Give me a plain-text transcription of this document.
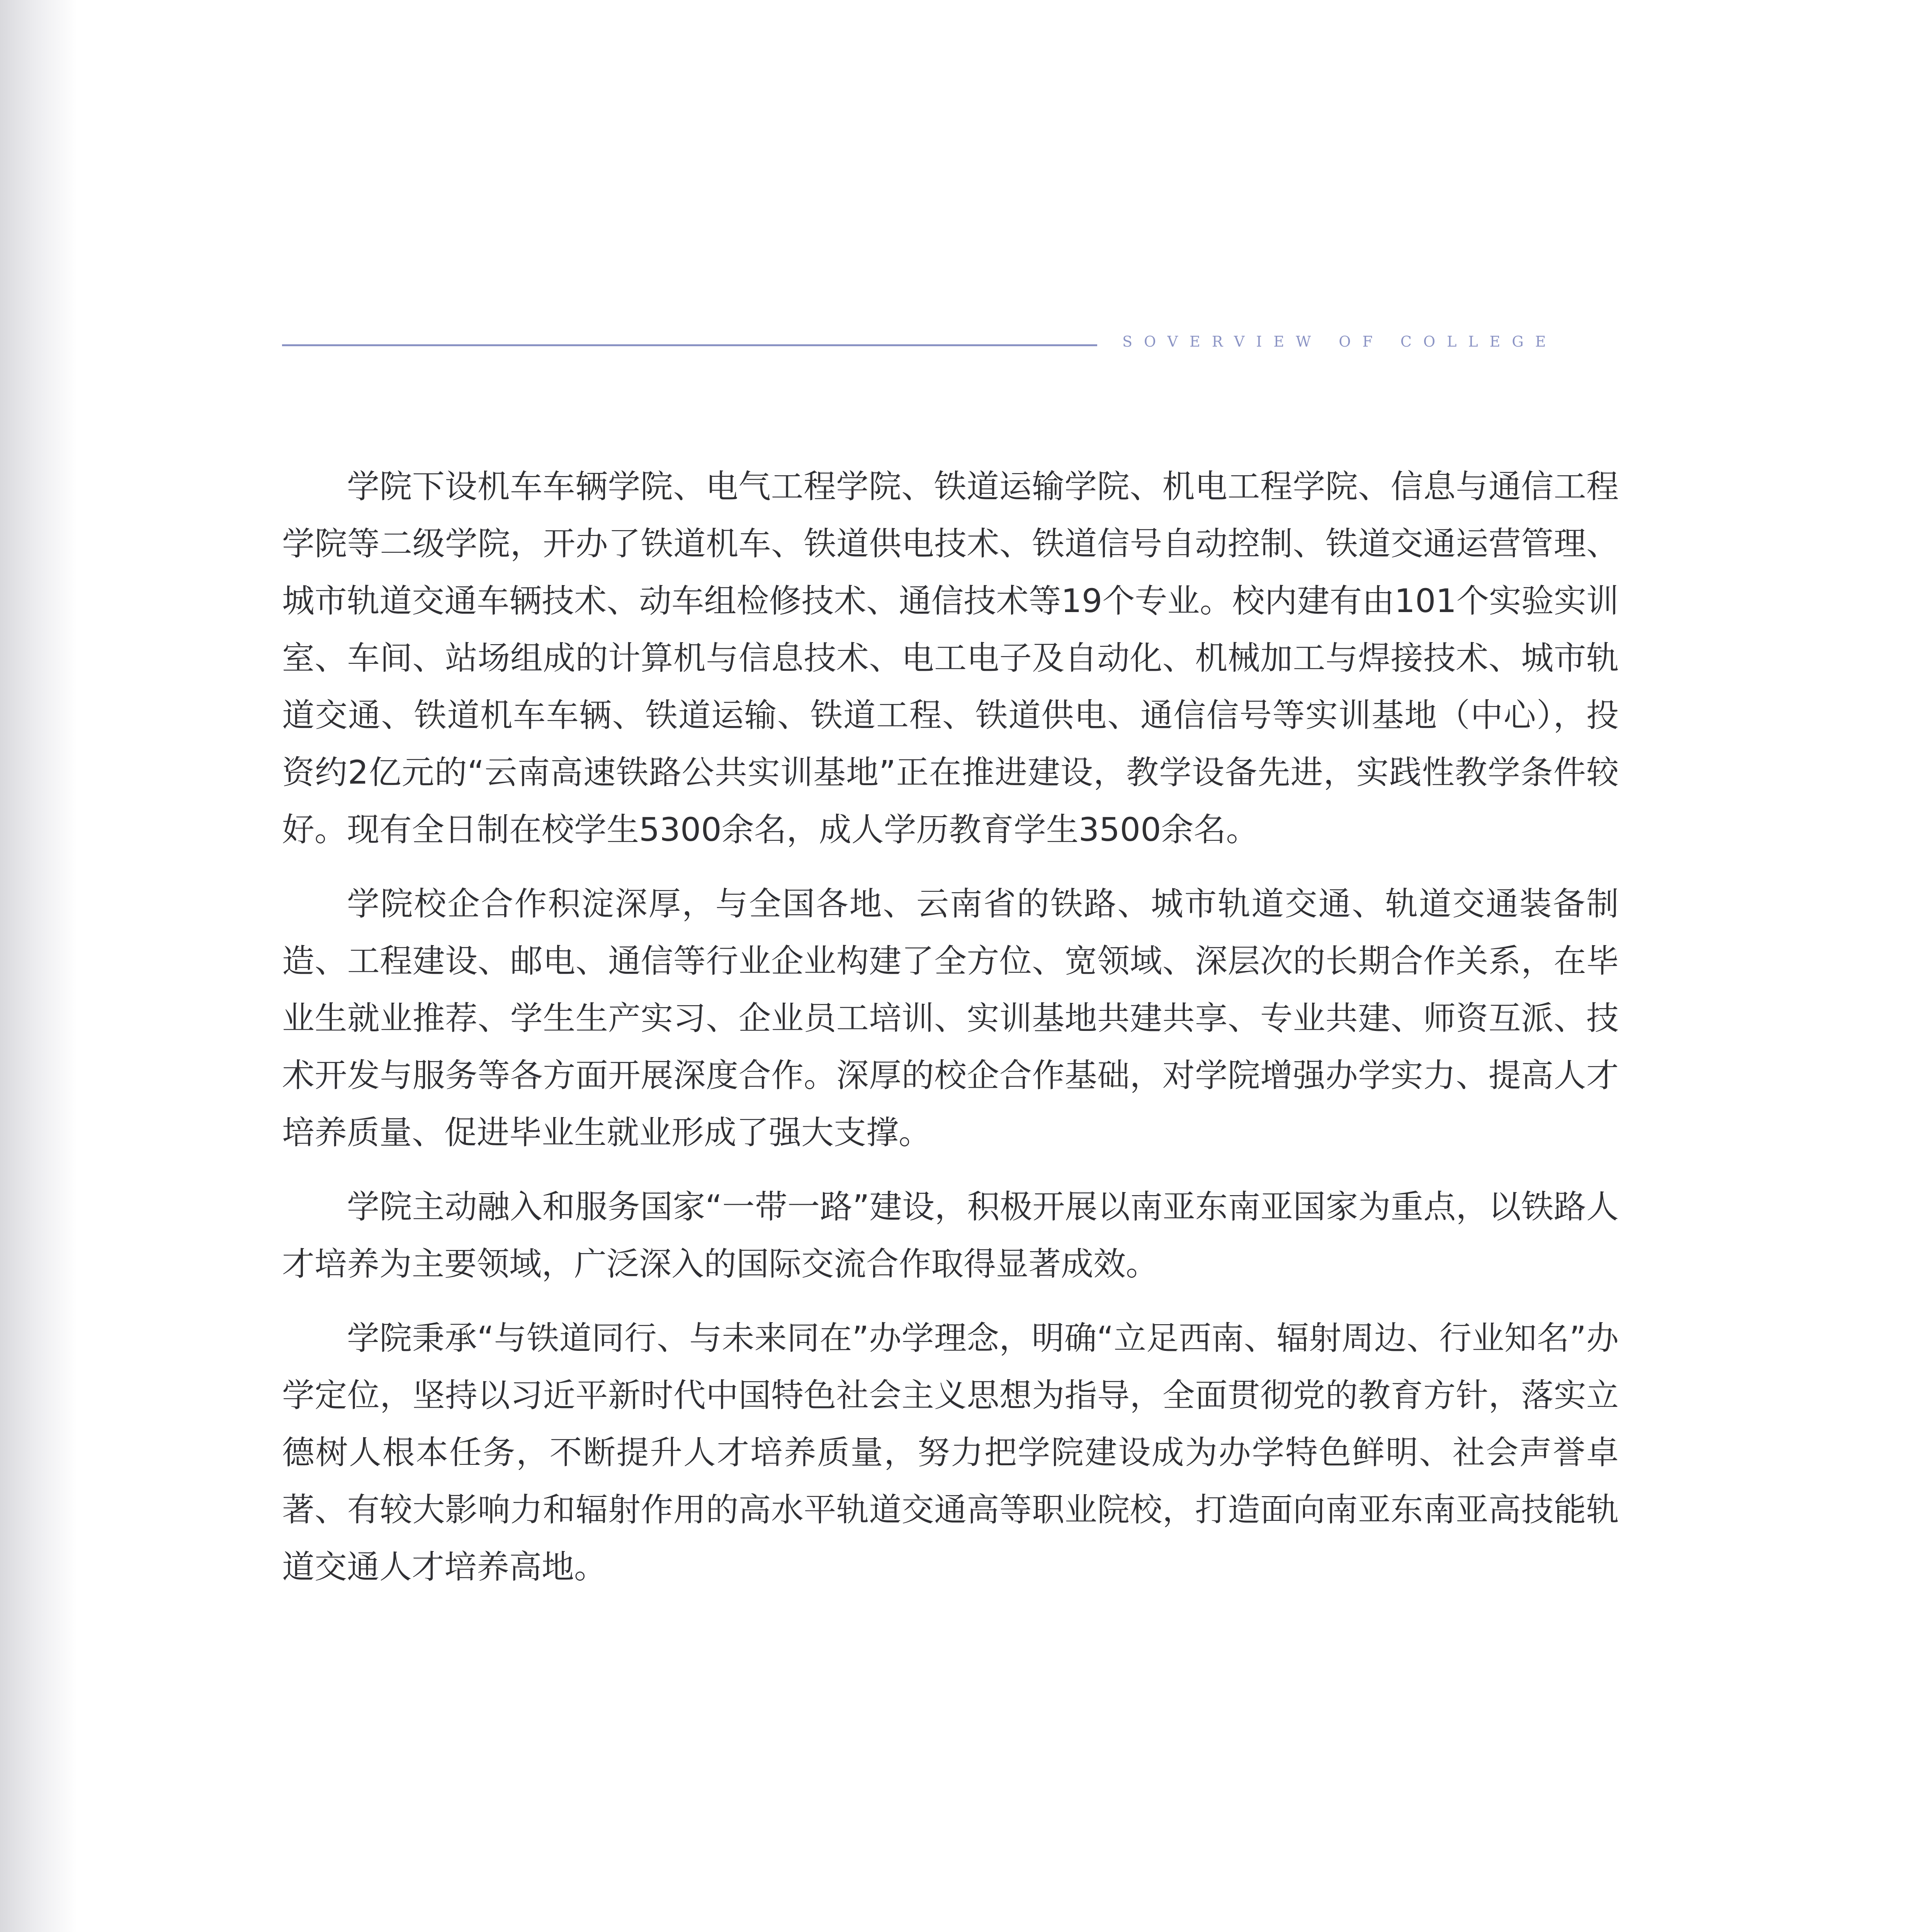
SOVERVIEW OF COLLEGE

学院下设机车车辆学院、电气工程学院、铁道运输学院、机电工程学院、信息与通信工程学院等二级学院，开办了铁道机车、铁道供电技术、铁道信号自动控制、铁道交通运营管理、城市轨道交通车辆技术、动车组检修技术、通信技术等19个专业。校内建有由101个实验实训室、车间、站场组成的计算机与信息技术、电工电子及自动化、机械加工与焊接技术、城市轨道交通、铁道机车车辆、铁道运输、铁道工程、铁道供电、通信信号等实训基地（中心），投资约2亿元的“云南高速铁路公共实训基地”正在推进建设，教学设备先进，实践性教学条件较好。现有全日制在校学生5300余名，成人学历教育学生3500余名。

学院校企合作积淀深厚，与全国各地、云南省的铁路、城市轨道交通、轨道交通装备制造、工程建设、邮电、通信等行业企业构建了全方位、宽领域、深层次的长期合作关系，在毕业生就业推荐、学生生产实习、企业员工培训、实训基地共建共享、专业共建、师资互派、技术开发与服务等各方面开展深度合作。深厚的校企合作基础，对学院增强办学实力、提高人才培养质量、促进毕业生就业形成了强大支撑。

学院主动融入和服务国家“一带一路”建设，积极开展以南亚东南亚国家为重点，以铁路人才培养为主要领域，广泛深入的国际交流合作取得显著成效。

学院秉承“与铁道同行、与未来同在”办学理念，明确“立足西南、辐射周边、行业知名”办学定位，坚持以习近平新时代中国特色社会主义思想为指导，全面贯彻党的教育方针，落实立德树人根本任务，不断提升人才培养质量，努力把学院建设成为办学特色鲜明、社会声誉卓著、有较大影响力和辐射作用的高水平轨道交通高等职业院校，打造面向南亚东南亚高技能轨道交通人才培养高地。
